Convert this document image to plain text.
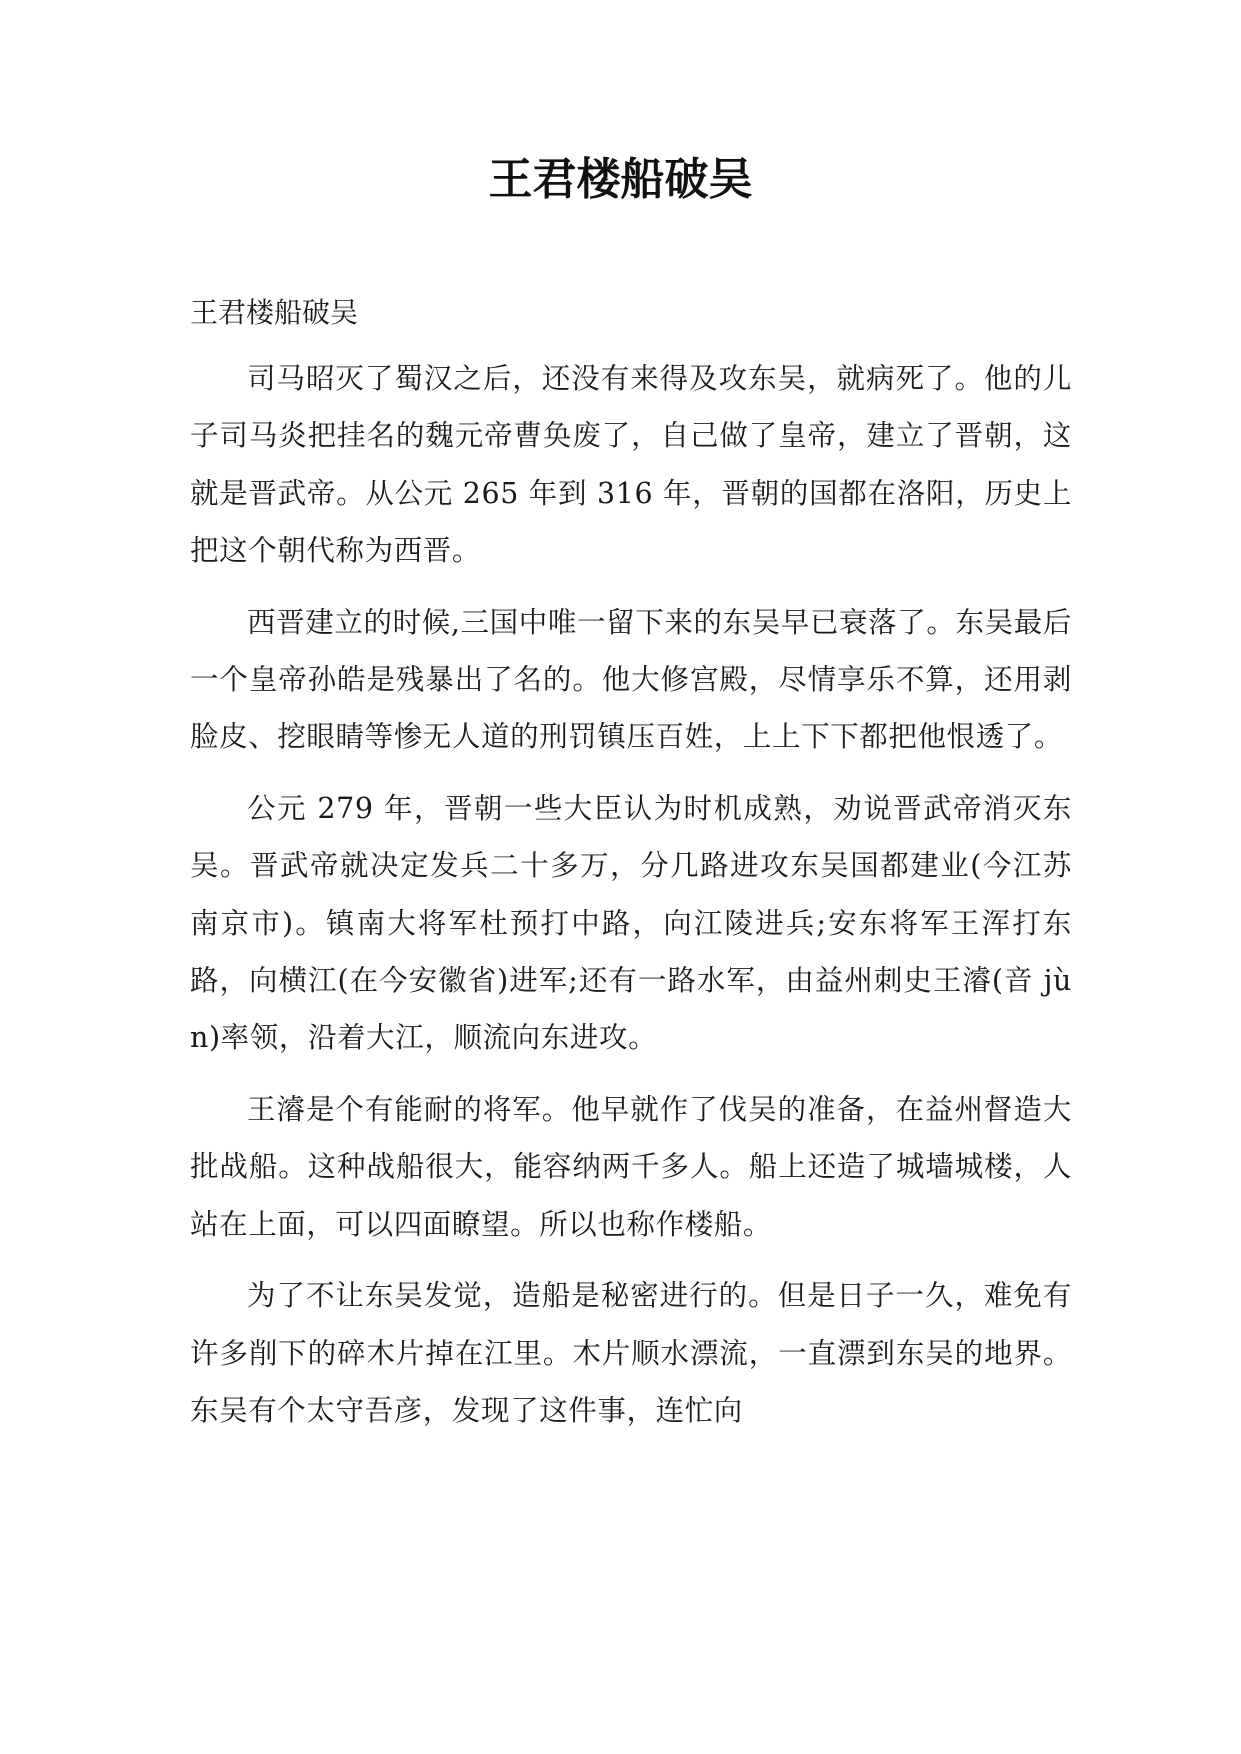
王君楼船破吴

王君楼船破吴

司马昭灭了蜀汉之后，还没有来得及攻东吴，就病死了。他的儿子司马炎把挂名的魏元帝曹奂废了，自己做了皇帝，建立了晋朝，这就是晋武帝。从公元 265 年到 316 年，晋朝的国都在洛阳，历史上把这个朝代称为西晋。

西晋建立的时候,三国中唯一留下来的东吴早已衰落了。东吴最后一个皇帝孙皓是残暴出了名的。他大修宫殿，尽情享乐不算，还用剥脸皮、挖眼睛等惨无人道的刑罚镇压百姓，上上下下都把他恨透了。

公元 279 年，晋朝一些大臣认为时机成熟，劝说晋武帝消灭东吴。晋武帝就决定发兵二十多万，分几路进攻东吴国都建业(今江苏南京市)。镇南大将军杜预打中路，向江陵进兵;安东将军王浑打东路，向横江(在今安徽省)进军;还有一路水军，由益州刺史王濬(音 jùn)率领，沿着大江，顺流向东进攻。

王濬是个有能耐的将军。他早就作了伐吴的准备，在益州督造大批战船。这种战船很大，能容纳两千多人。船上还造了城墙城楼，人站在上面，可以四面瞭望。所以也称作楼船。

为了不让东吴发觉，造船是秘密进行的。但是日子一久，难免有许多削下的碎木片掉在江里。木片顺水漂流，一直漂到东吴的地界。东吴有个太守吾彦，发现了这件事，连忙向
